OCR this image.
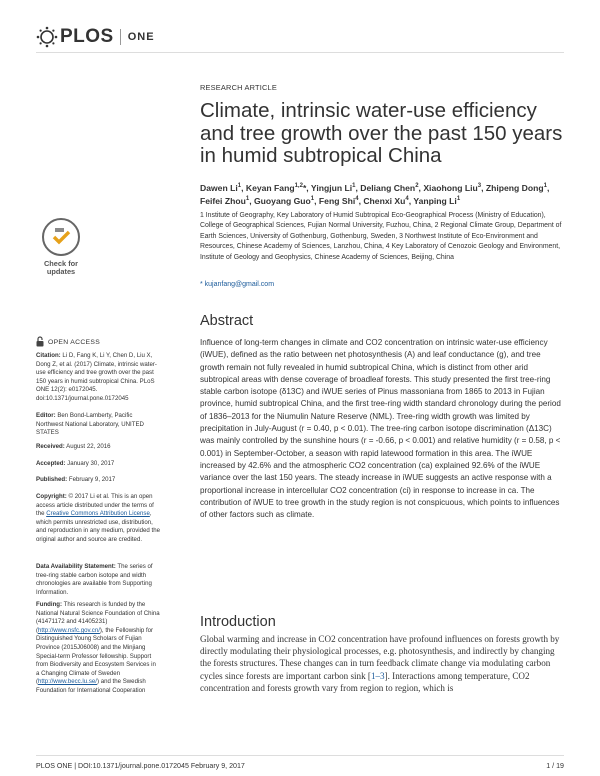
PLOS ONE
RESEARCH ARTICLE
Climate, intrinsic water-use efficiency and tree growth over the past 150 years in humid subtropical China
Dawen Li$^1$, Keyan Fang$^{1,2}$*, Yingjun Li$^1$, Deliang Chen$^2$, Xiaohong Liu$^3$, Zhipeng Dong$^1$, Feifei Zhou$^1$, Guoyang Guo$^1$, Feng Shi$^4$, Chenxi Xu$^4$, Yanping Li$^1$
1 Institute of Geography, Key Laboratory of Humid Subtropical Eco-Geographical Process (Ministry of Education), College of Geographical Sciences, Fujian Normal University, Fuzhou, China, 2 Regional Climate Group, Department of Earth Sciences, University of Gothenburg, Gothenburg, Sweden, 3 Northwest Institute of Eco-Environment and Resources, Chinese Academy of Sciences, Lanzhou, China, 4 Key Laboratory of Cenozoic Geology and Environment, Institute of Geology and Geophysics, Chinese Academy of Sciences, Beijing, China
* kujanfang@gmail.com
Check for
updates
OPEN ACCESS
Citation: Li D, Fang K, Li Y, Chen D, Liu X, Dong Z, et al. (2017) Climate, intrinsic water-use efficiency and tree growth over the past 150 years in humid subtropical China. PLoS ONE 12(2): e0172045. doi:10.1371/journal.pone.0172045
Editor: Ben Bond-Lamberty, Pacific Northwest National Laboratory, UNITED STATES
Received: August 22, 2016
Accepted: January 30, 2017
Published: February 9, 2017
Copyright: © 2017 Li et al. This is an open access article distributed under the terms of the Creative Commons Attribution License, which permits unrestricted use, distribution, and reproduction in any medium, provided the original author and source are credited.
Data Availability Statement: The series of tree-ring stable carbon isotope and width chronologies are available from Supporting Information.
Funding: This research is funded by the National Natural Science Foundation of China (41471172 and 41405231) (http://www.nsfc.gov.cn/), the Fellowship for Distinguished Young Scholars of Fujian Province (2015J06008) and the Minjiang Special-term Professor fellowship. Support from Biodiversity and Ecosystem Services in a Changing Climate of Sweden (http://www.becc.lu.se/) and the Swedish Foundation for International Cooperation
Abstract
Influence of long-term changes in climate and CO2 concentration on intrinsic water-use efficiency (iWUE), defined as the ratio between net photosynthesis (A) and leaf conductance (g), and tree growth remain not fully revealed in humid subtropical China, which is distinct from other arid subtropical areas with dense coverage of broadleaf forests. This study presented the first tree-ring stable carbon isotope (δ13C) and iWUE series of Pinus massoniana from 1865 to 2013 in Fujian province, humid subtropical China, and the first tree-ring width standard chronology during the period of 1836–2013 for the Niumulin Nature Reserve (NML). Tree-ring width growth was limited by precipitation in July-August (r = 0.40, p < 0.01). The tree-ring carbon isotope discrimination (Δ13C) was mainly controlled by the sunshine hours (r = -0.66, p < 0.001) and relative humidity (r = 0.58, p < 0.001) in September-October, a season with rapid latewood formation in this area. The iWUE increased by 42.6% and the atmospheric CO2 concentration (ca) explained 92.6% of the iWUE variance over the last 150 years. The steady increase in iWUE suggests an active response with a proportional increase in intercellular CO2 concentration (ci) in response to increase in ca. The contribution of iWUE to tree growth in the study region is not conspicuous, which points to influences of other factors such as climate.
Introduction
Global warming and increase in CO2 concentration have profound influences on forests growth by directly modulating their physiological processes, e.g. photosynthesis, and indirectly by changing the forests structures. These changes can in turn feedback climate change via modulating carbon cycles since forests are important carbon sink [1–3]. Interactions among temperature, CO2 concentration and forests growth vary from region to region, which is
PLOS ONE | DOI:10.1371/journal.pone.0172045 February 9, 2017	1 / 19
